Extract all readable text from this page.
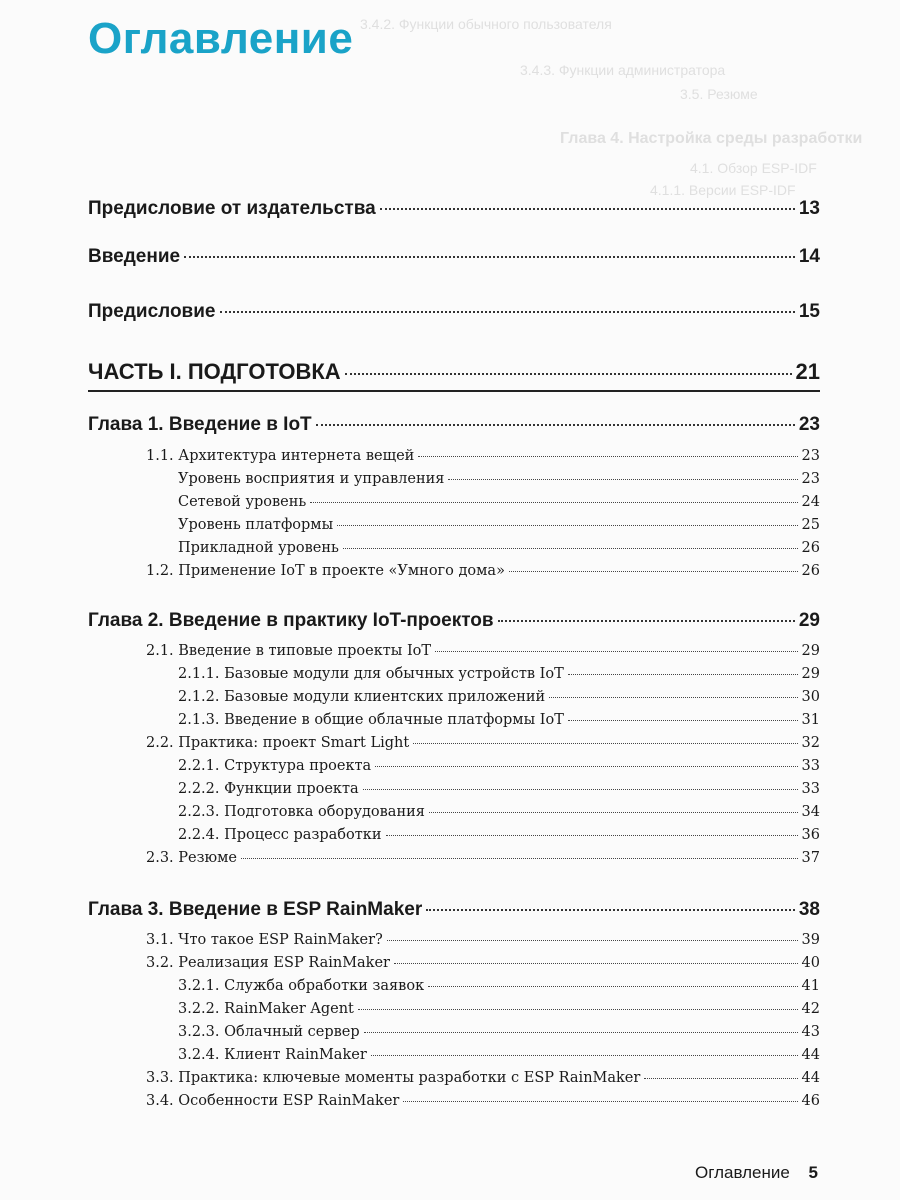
3.4.2. Функции обычного пользователя
3.4.3. Функции администратора
3.5. Резюме
Глава 4. Настройка среды разработки
4.1. Обзор ESP-IDF
4.1.1. Версии ESP-IDF
Оглавление
Предисловие от издательства	13
Введение	14
Предисловие	15
ЧАСТЬ I. ПОДГОТОВКА	21
Глава 1. Введение в IoT	23
1.1. Архитектура интернета вещей	23
Уровень восприятия и управления	23
Сетевой уровень	24
Уровень платформы	25
Прикладной уровень	26
1.2. Применение IoT в проекте «Умного дома»	26
Глава 2. Введение в практику IoT-проектов	29
2.1. Введение в типовые проекты IoT	29
2.1.1. Базовые модули для обычных устройств IoT	29
2.1.2. Базовые модули клиентских приложений	30
2.1.3. Введение в общие облачные платформы IoT	31
2.2. Практика: проект Smart Light	32
2.2.1. Структура проекта	33
2.2.2. Функции проекта	33
2.2.3. Подготовка оборудования	34
2.2.4. Процесс разработки	36
2.3. Резюме	37
Глава 3. Введение в ESP RainMaker	38
3.1. Что такое ESP RainMaker?	39
3.2. Реализация ESP RainMaker	40
3.2.1. Служба обработки заявок	41
3.2.2. RainMaker Agent	42
3.2.3. Облачный сервер	43
3.2.4. Клиент RainMaker	44
3.3. Практика: ключевые моменты разработки с ESP RainMaker	44
3.4. Особенности ESP RainMaker	46
Оглавление 5
